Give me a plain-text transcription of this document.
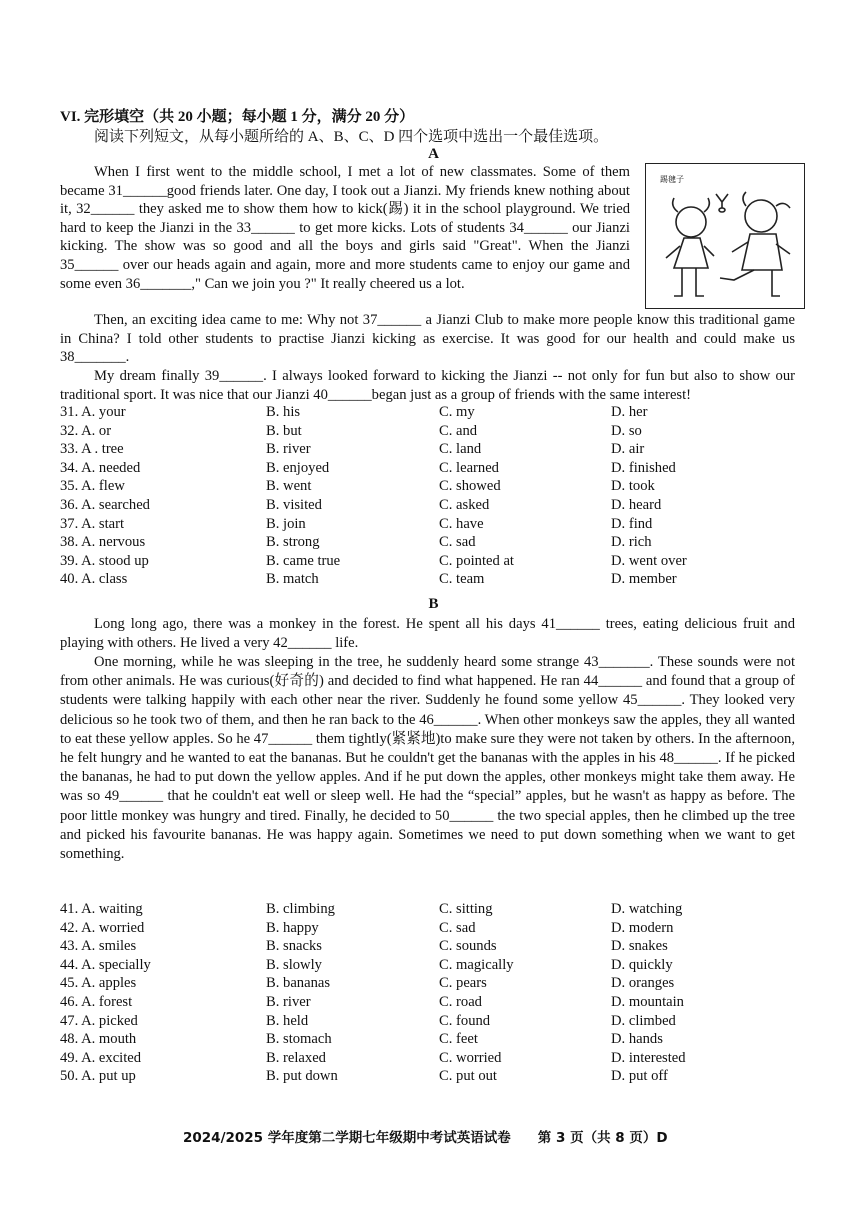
VI. 完形填空（共 20 小题；每小题 1 分，满分 20 分）
阅读下列短文，从每小题所给的 A、B、C、D 四个选项中选出一个最佳选项。
A
踢毽子
When I first went to the middle school, I met a lot of new classmates. Some of them became 31______good friends later. One day, I took out a Jianzi. My friends knew nothing about it, 32______ they asked me to show them how to kick(踢) it in the school playground. We tried hard to keep the Jianzi in the 33______ to get more kicks. Lots of students 34______ our Jianzi kicking. The show was so good and all the boys and girls said "Great". When the Jianzi 35______ over our heads again and again, more and more students came to enjoy our game and some even 36_______," Can we join you ?" It really cheered us a lot.
Then, an exciting idea came to me: Why not 37______ a Jianzi Club to make more people know this traditional game in China? I told other students to practise Jianzi kicking as exercise. It was good for our health and could make us 38_______.
My dream finally 39______. I always looked forward to kicking the Jianzi -- not only for fun but also to show our traditional sport. It was nice that our Jianzi 40______began just as a group of friends with the same interest!
31. A. your	B. his	C. my	D. her
32. A. or	B. but	C. and	D. so
33. A . tree	B. river	C. land	D. air
34. A. needed	B. enjoyed	C. learned	D. finished
35. A. flew	B. went	C. showed	D. took
36. A. searched	B. visited	C. asked	D. heard
37. A. start	B. join	C. have	D. find
38. A. nervous	B. strong	C. sad	D. rich
39. A. stood up	B. came true	C. pointed at	D. went over
40. A. class	B. match	C. team	D. member
B
Long long ago, there was a monkey in the forest. He spent all his days 41______ trees, eating delicious fruit and playing with others. He lived a very 42______ life.
One morning, while he was sleeping in the tree, he suddenly heard some strange 43_______. These sounds were not from other animals. He was curious(好奇的) and decided to find what happened. He ran 44______ and found that a group of students were talking happily with each other near the river. Suddenly he found some yellow 45______. They looked very delicious so he took two of them, and then he ran back to the 46______. When other monkeys saw the apples, they all wanted to eat these yellow apples. So he 47______ them tightly(紧紧地)to make sure they were not taken by others. In the afternoon, he felt hungry and he wanted to eat the bananas. But he couldn't get the bananas with the apples in his 48______. If he picked the bananas, he had to put down the yellow apples. And if he put down the apples, other monkeys might take them away. He was so 49______ that he couldn't eat well or sleep well. He had the “special” apples, but he wasn't as happy as before. The poor little monkey was hungry and tired. Finally, he decided to 50______ the two special apples, then he climbed up the tree and picked his favourite bananas. He was happy again. Sometimes we need to put down something when we want to get something.
41. A. waiting	B. climbing	C. sitting	D. watching
42. A. worried	B. happy	C. sad	D. modern
43. A. smiles	B. snacks	C. sounds	D. snakes
44. A. specially	B. slowly	C. magically	D. quickly
45. A. apples	B. bananas	C. pears	D. oranges
46. A. forest	B. river	C. road	D. mountain
47. A. picked	B. held	C. found	D. climbed
48. A. mouth	B. stomach	C. feet	D. hands
49. A. excited	B. relaxed	C. worried	D. interested
50. A. put up	B. put down	C. put out	D. put off
2024/2025 学年度第二学期七年级期中考试英语试卷　　第 3 页（共 8 页）D
